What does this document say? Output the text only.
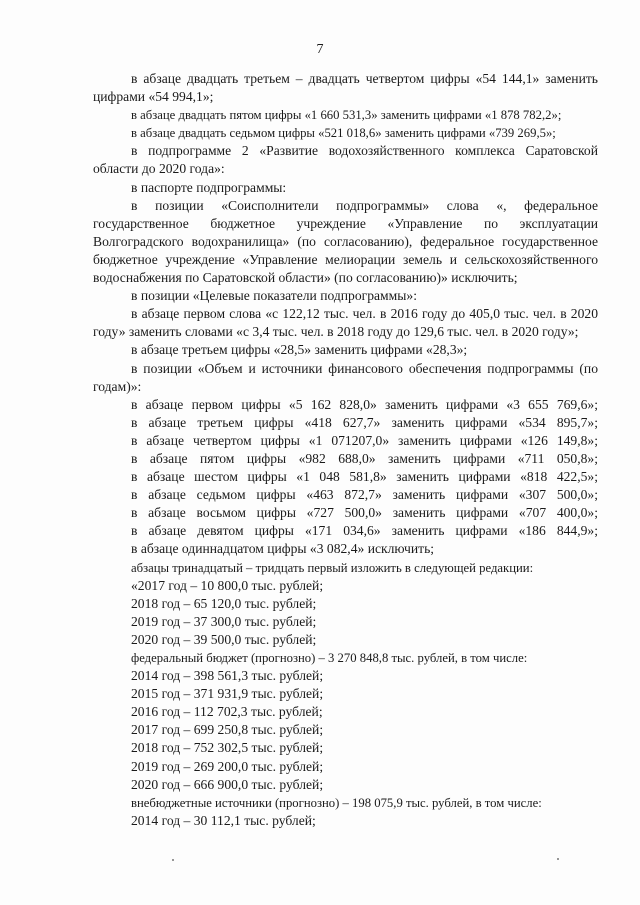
7

в абзаце двадцать третьем – двадцать четвертом цифры «54 144,1» заменить цифрами «54 994,1»;

в абзаце двадцать пятом цифры «1 660 531,3» заменить цифрами «1 878 782,2»;

в абзаце двадцать седьмом цифры «521 018,6» заменить цифрами «739 269,5»;

в подпрограмме 2 «Развитие водохозяйственного комплекса Саратовской области до 2020 года»:

в паспорте подпрограммы:

в позиции «Соисполнители подпрограммы» слова «, федеральное государственное бюджетное учреждение «Управление по эксплуатации Волгоградского водохранилища» (по согласованию), федеральное государственное бюджетное учреждение «Управление мелиорации земель и сельскохозяйственного водоснабжения по Саратовской области» (по согласованию)» исключить;

в позиции «Целевые показатели подпрограммы»:

в абзаце первом слова «с 122,12 тыс. чел. в 2016 году до 405,0 тыс. чел. в 2020 году» заменить словами «с 3,4 тыс. чел. в 2018 году до 129,6 тыс. чел. в 2020 году»;

в абзаце третьем цифры «28,5» заменить цифрами «28,3»;

в позиции «Объем и источники финансового обеспечения подпрограммы (по годам)»:

в абзаце первом цифры «5 162 828,0» заменить цифрами «3 655 769,6»;

в абзаце третьем цифры «418 627,7» заменить цифрами «534 895,7»;

в абзаце четвертом цифры «1 071207,0» заменить цифрами «126 149,8»;

в абзаце пятом цифры «982 688,0» заменить цифрами «711 050,8»;

в абзаце шестом цифры «1 048 581,8» заменить цифрами «818 422,5»;

в абзаце седьмом цифры «463 872,7» заменить цифрами «307 500,0»;

в абзаце восьмом цифры «727 500,0» заменить цифрами «707 400,0»;

в абзаце девятом цифры «171 034,6» заменить цифрами «186 844,9»;

в абзаце одиннадцатом цифры «3 082,4» исключить;

абзацы тринадцатый – тридцать первый изложить в следующей редакции:

«2017 год – 10 800,0 тыс. рублей;

2018 год – 65 120,0 тыс. рублей;

2019 год – 37 300,0 тыс. рублей;

2020 год – 39 500,0 тыс. рублей;

федеральный бюджет (прогнозно) – 3 270 848,8 тыс. рублей, в том числе:

2014 год – 398 561,3 тыс. рублей;

2015 год – 371 931,9 тыс. рублей;

2016 год – 112 702,3 тыс. рублей;

2017 год – 699 250,8 тыс. рублей;

2018 год – 752 302,5 тыс. рублей;

2019 год – 269 200,0 тыс. рублей;

2020 год – 666 900,0 тыс. рублей;

внебюджетные источники (прогнозно) – 198 075,9 тыс. рублей, в том числе:

2014 год – 30 112,1 тыс. рублей;
